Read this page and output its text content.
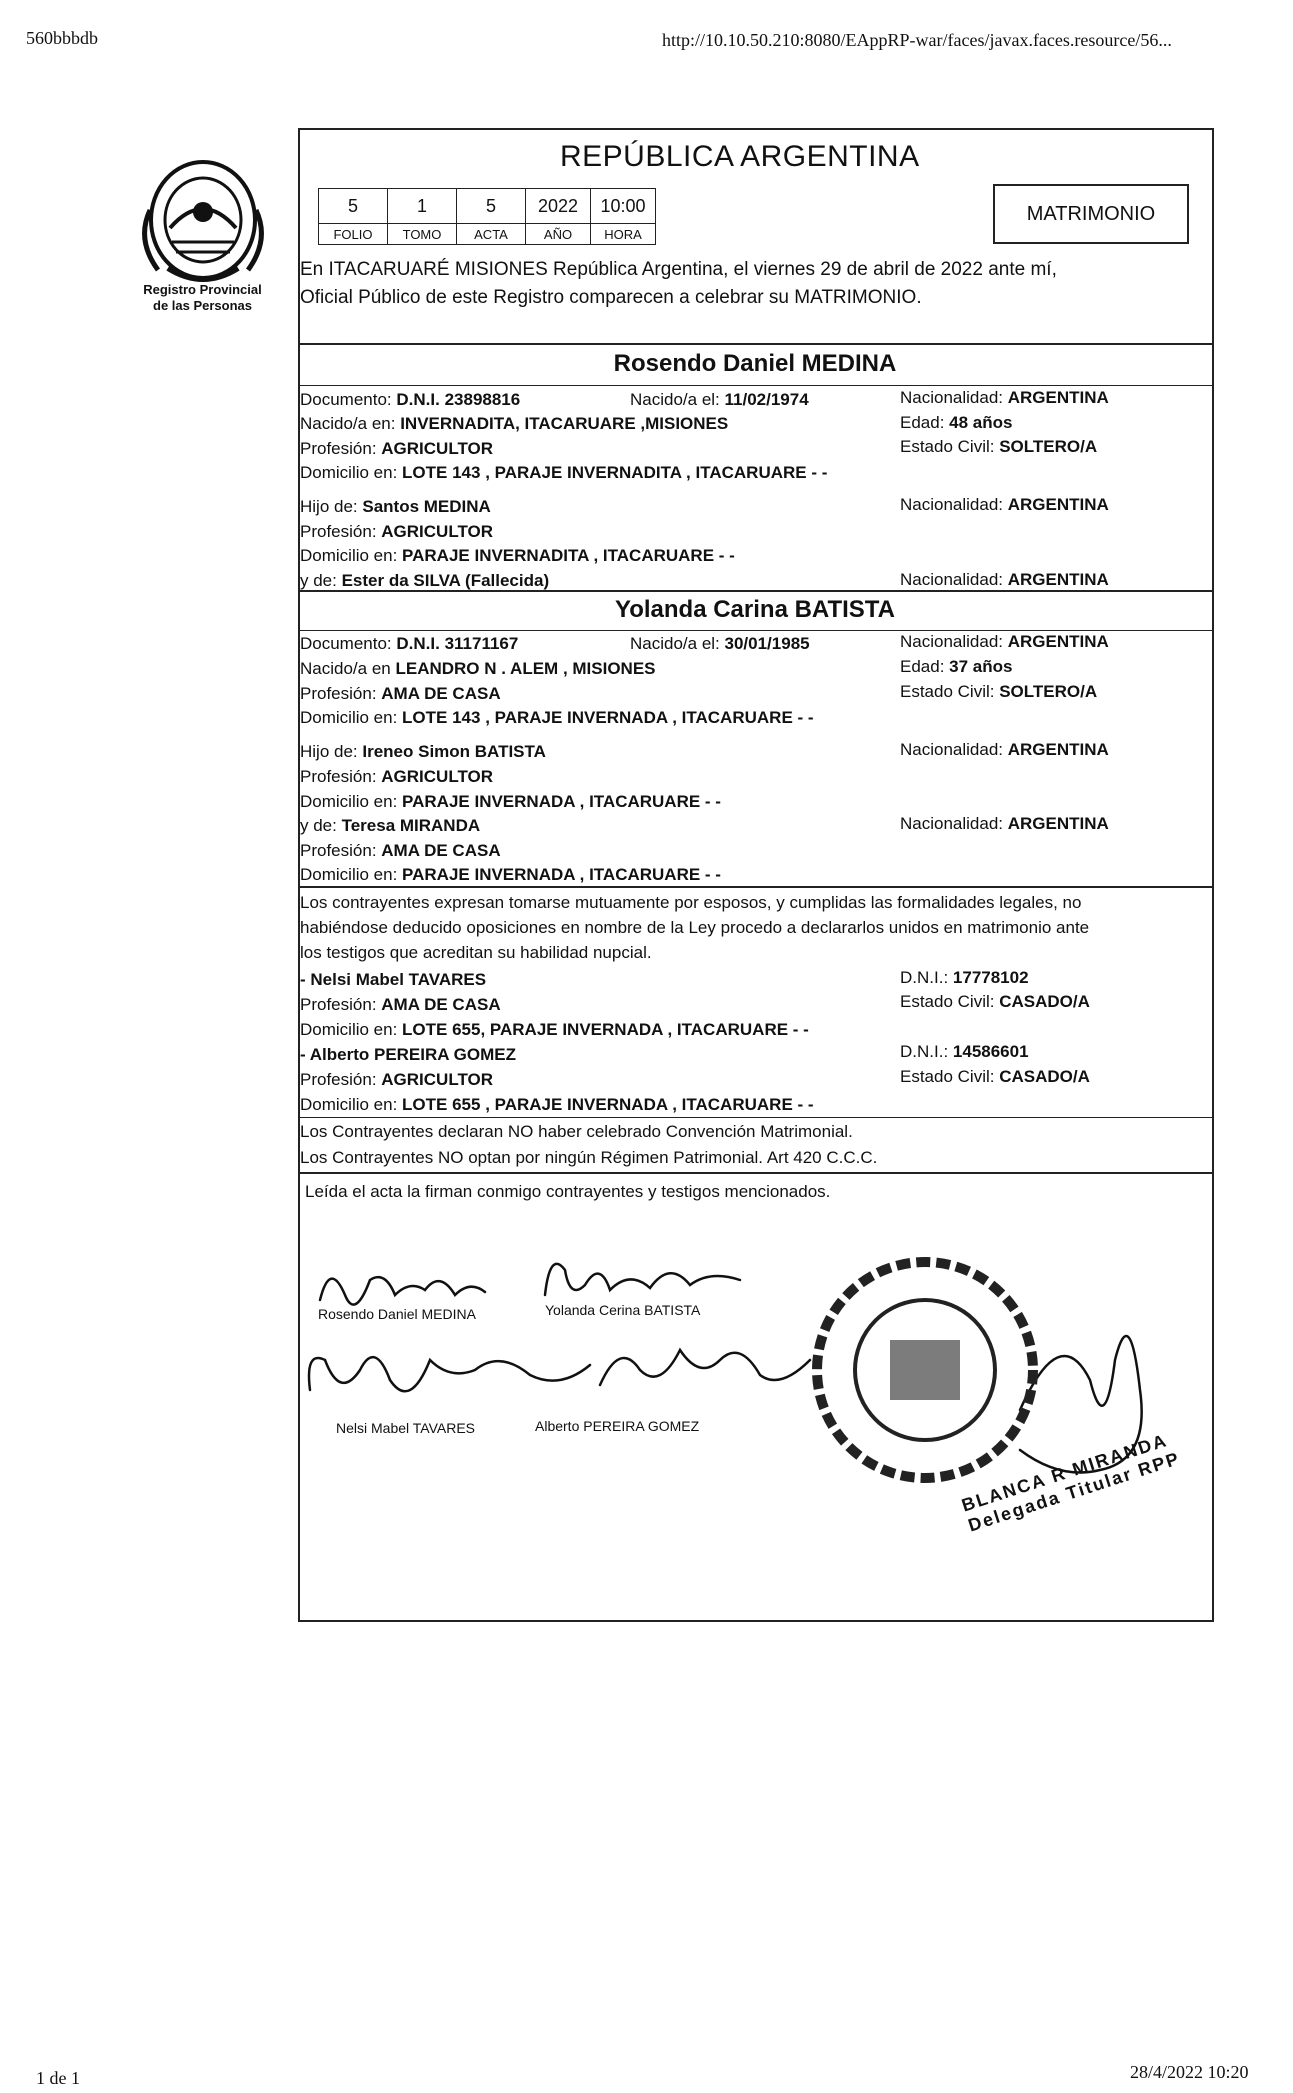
560bbbdb	http://10.10.50.210:8080/EAppRP-war/faces/javax.faces.resource/56...
1 de 1	28/4/2022 10:20
Registro Provincial
de las Personas
REPÚBLICA ARGENTINA
5	1	5	2022	10:00
FOLIO	TOMO	ACTA	AÑO	HORA
MATRIMONIO
En ITACARUARÉ MISIONES República Argentina, el viernes 29 de abril de 2022 ante mí,
Oficial Público de este Registro comparecen a celebrar su MATRIMONIO.
Rosendo Daniel MEDINA
Documento: D.N.I. 23898816	Nacido/a el: 11/02/1974	Nacionalidad: ARGENTINA
Nacido/a en: INVERNADITA, ITACARUARE ,MISIONES	Edad: 48 años
Profesión: AGRICULTOR	Estado Civil: SOLTERO/A
Domicilio en: LOTE 143 , PARAJE INVERNADITA , ITACARUARE - -
Hijo de: Santos MEDINA	Nacionalidad: ARGENTINA
Profesión: AGRICULTOR
Domicilio en: PARAJE INVERNADITA , ITACARUARE - -
y de: Ester da SILVA (Fallecida)	Nacionalidad: ARGENTINA
Yolanda Carina BATISTA
Documento: D.N.I. 31171167	Nacido/a el: 30/01/1985	Nacionalidad: ARGENTINA
Nacido/a en LEANDRO N . ALEM , MISIONES	Edad: 37 años
Profesión: AMA DE CASA	Estado Civil: SOLTERO/A
Domicilio en: LOTE 143 , PARAJE INVERNADA , ITACARUARE - -
Hijo de: Ireneo Simon BATISTA	Nacionalidad: ARGENTINA
Profesión: AGRICULTOR
Domicilio en: PARAJE INVERNADA , ITACARUARE - -
y de: Teresa MIRANDA	Nacionalidad: ARGENTINA
Profesión: AMA DE CASA
Domicilio en: PARAJE INVERNADA , ITACARUARE - -
Los contrayentes expresan tomarse mutuamente por esposos, y cumplidas las formalidades legales, no
habiéndose deducido oposiciones en nombre de la Ley procedo a declararlos unidos en matrimonio ante
los testigos que acreditan su habilidad nupcial.
- Nelsi Mabel TAVARES	D.N.I.: 17778102
Profesión: AMA DE CASA	Estado Civil: CASADO/A
Domicilio en: LOTE 655, PARAJE INVERNADA , ITACARUARE - -
- Alberto PEREIRA GOMEZ	D.N.I.: 14586601
Profesión: AGRICULTOR	Estado Civil: CASADO/A
Domicilio en: LOTE 655 , PARAJE INVERNADA , ITACARUARE - -
Los Contrayentes declaran NO haber celebrado Convención Matrimonial.
Los Contrayentes NO optan por ningún Régimen Patrimonial. Art 420 C.C.C.
Leída el acta la firman conmigo contrayentes y testigos mencionados.
Rosendo Daniel MEDINA	Yolanda Cerina BATISTA
Nelsi Mabel TAVARES	Alberto PEREIRA GOMEZ
BLANCA R MIRANDA Delegada Titular RPP
